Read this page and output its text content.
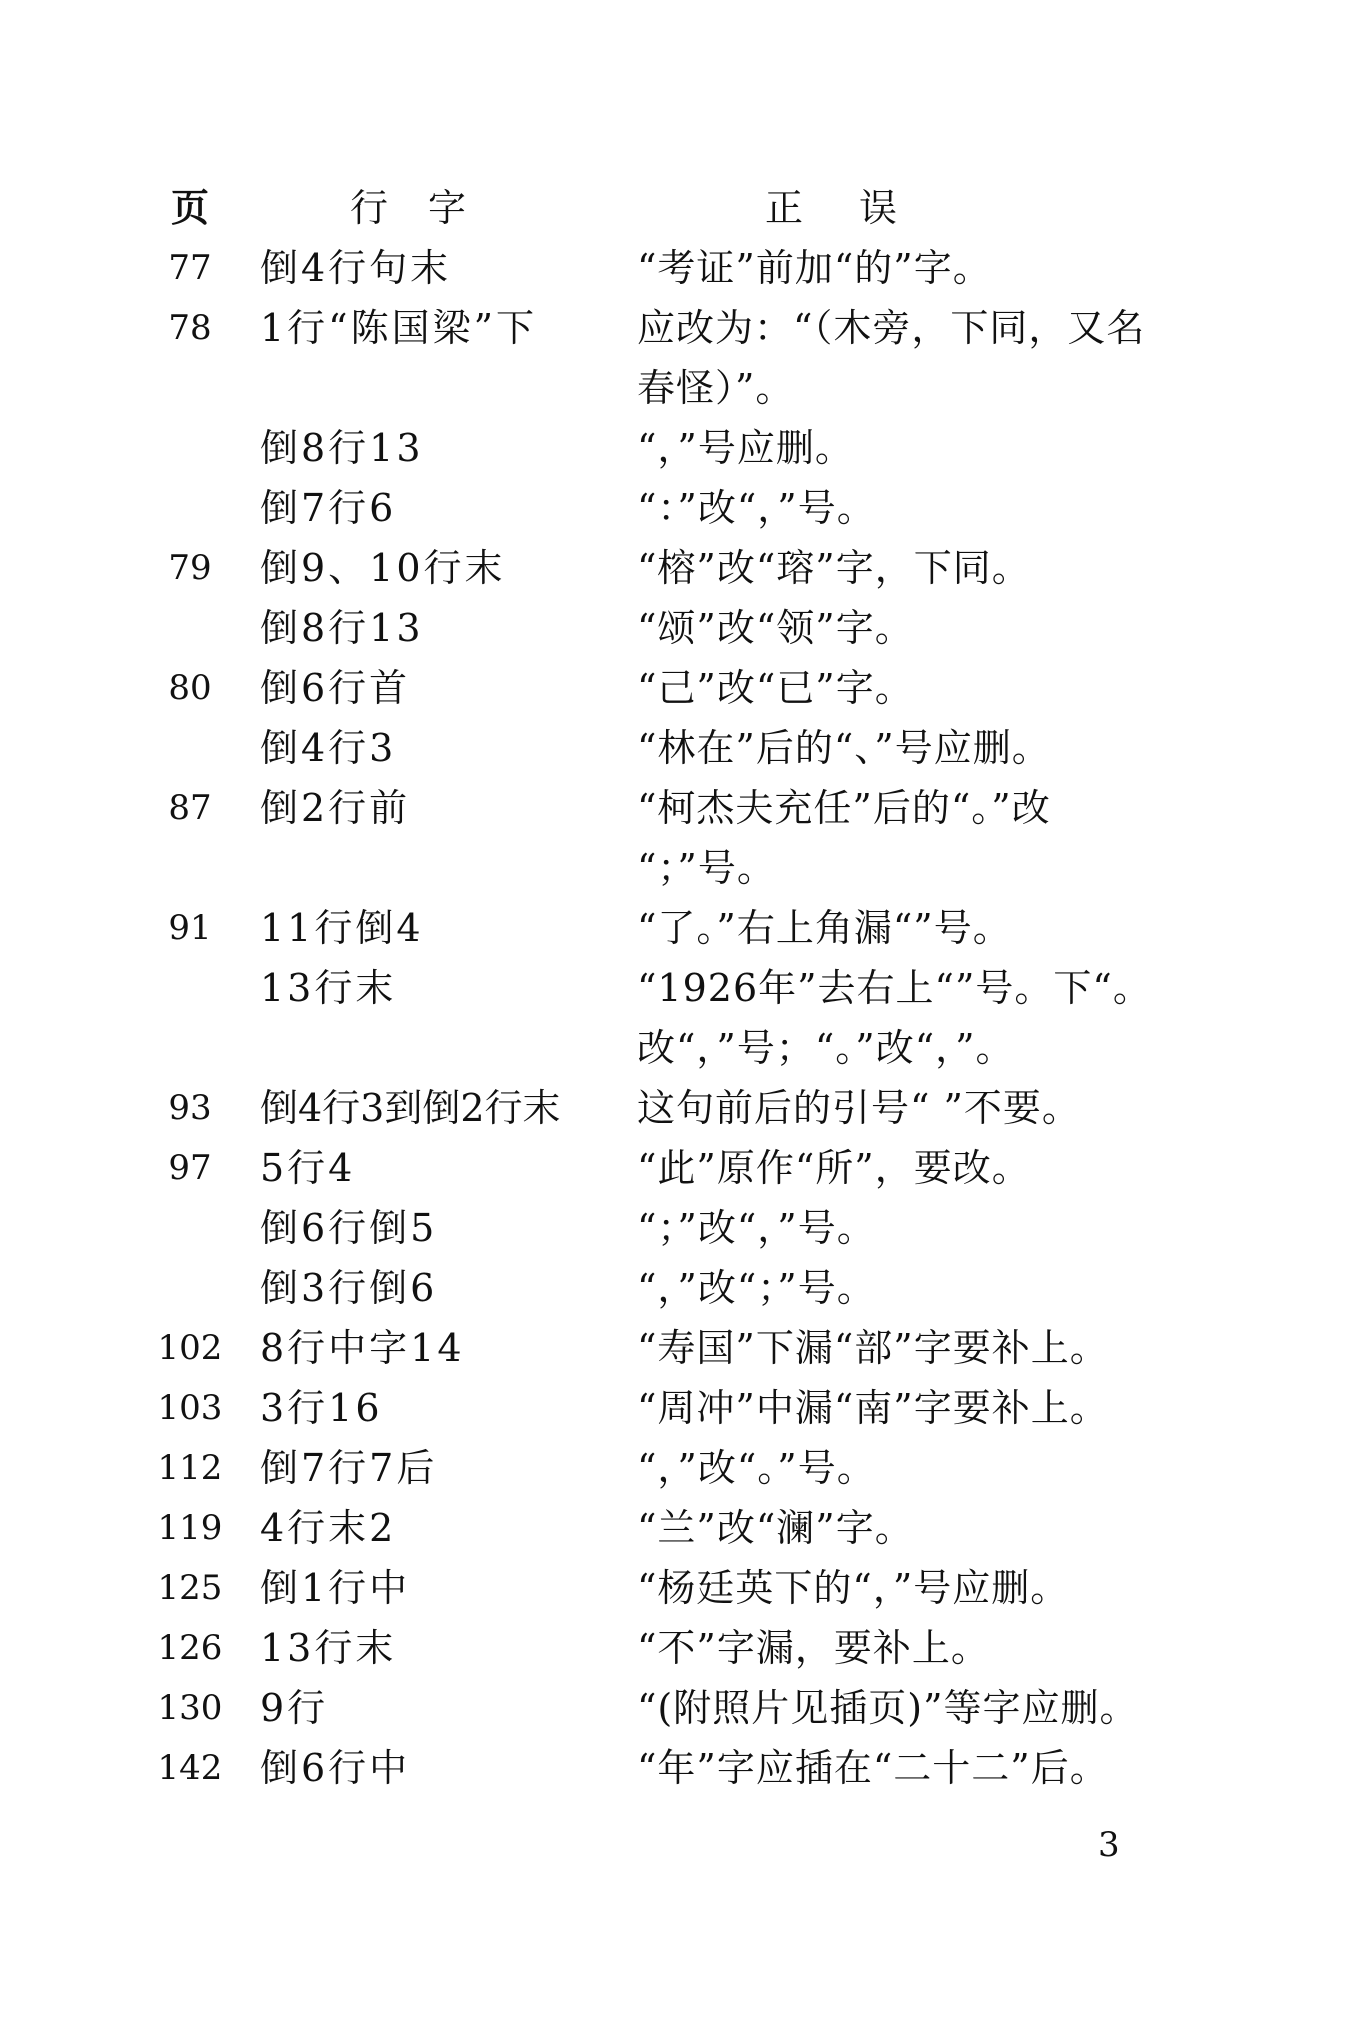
页	行字	正误
77	倒4行句末	“考证”前加“的”字。
78	1行“陈国梁”下	应改为：“（木旁，下同，又名
春怪）”。
倒8行13	“，”号应删。
倒7行6	“：”改“，”号。
79	倒9、10行末	“榕”改“瑢”字，下同。
倒8行13	“颂”改“领”字。
80	倒6行首	“己”改“已”字。
倒4行3	“林在”后的“、”号应删。
87	倒2行前	“柯杰夫充任”后的“。”改
“；”号。
91	11行倒4	“了。”右上角漏“”号。
13行末	“1926年”去右上“”号。下“。
改“，”号；“。”改“，”。
93	倒4行3到倒2行末	这句前后的引号“ ”不要。
97	5行4	“此”原作“所”，要改。
倒6行倒5	“；”改“，”号。
倒3行倒6	“，”改“；”号。
102 8行中字14	“寿国”下漏“部”字要补上。
103 3行16	“周冲”中漏“南”字要补上。
112 倒7行7后	“，”改“。”号。
119 4行末2	“兰”改“澜”字。
125 倒1行中	“杨廷英下的“，”号应删。
126 13行末	“不”字漏，要补上。
130 9行	“(附照片见插页)”等字应删。
142 倒6行中	“年”字应插在“二十二”后。
3
